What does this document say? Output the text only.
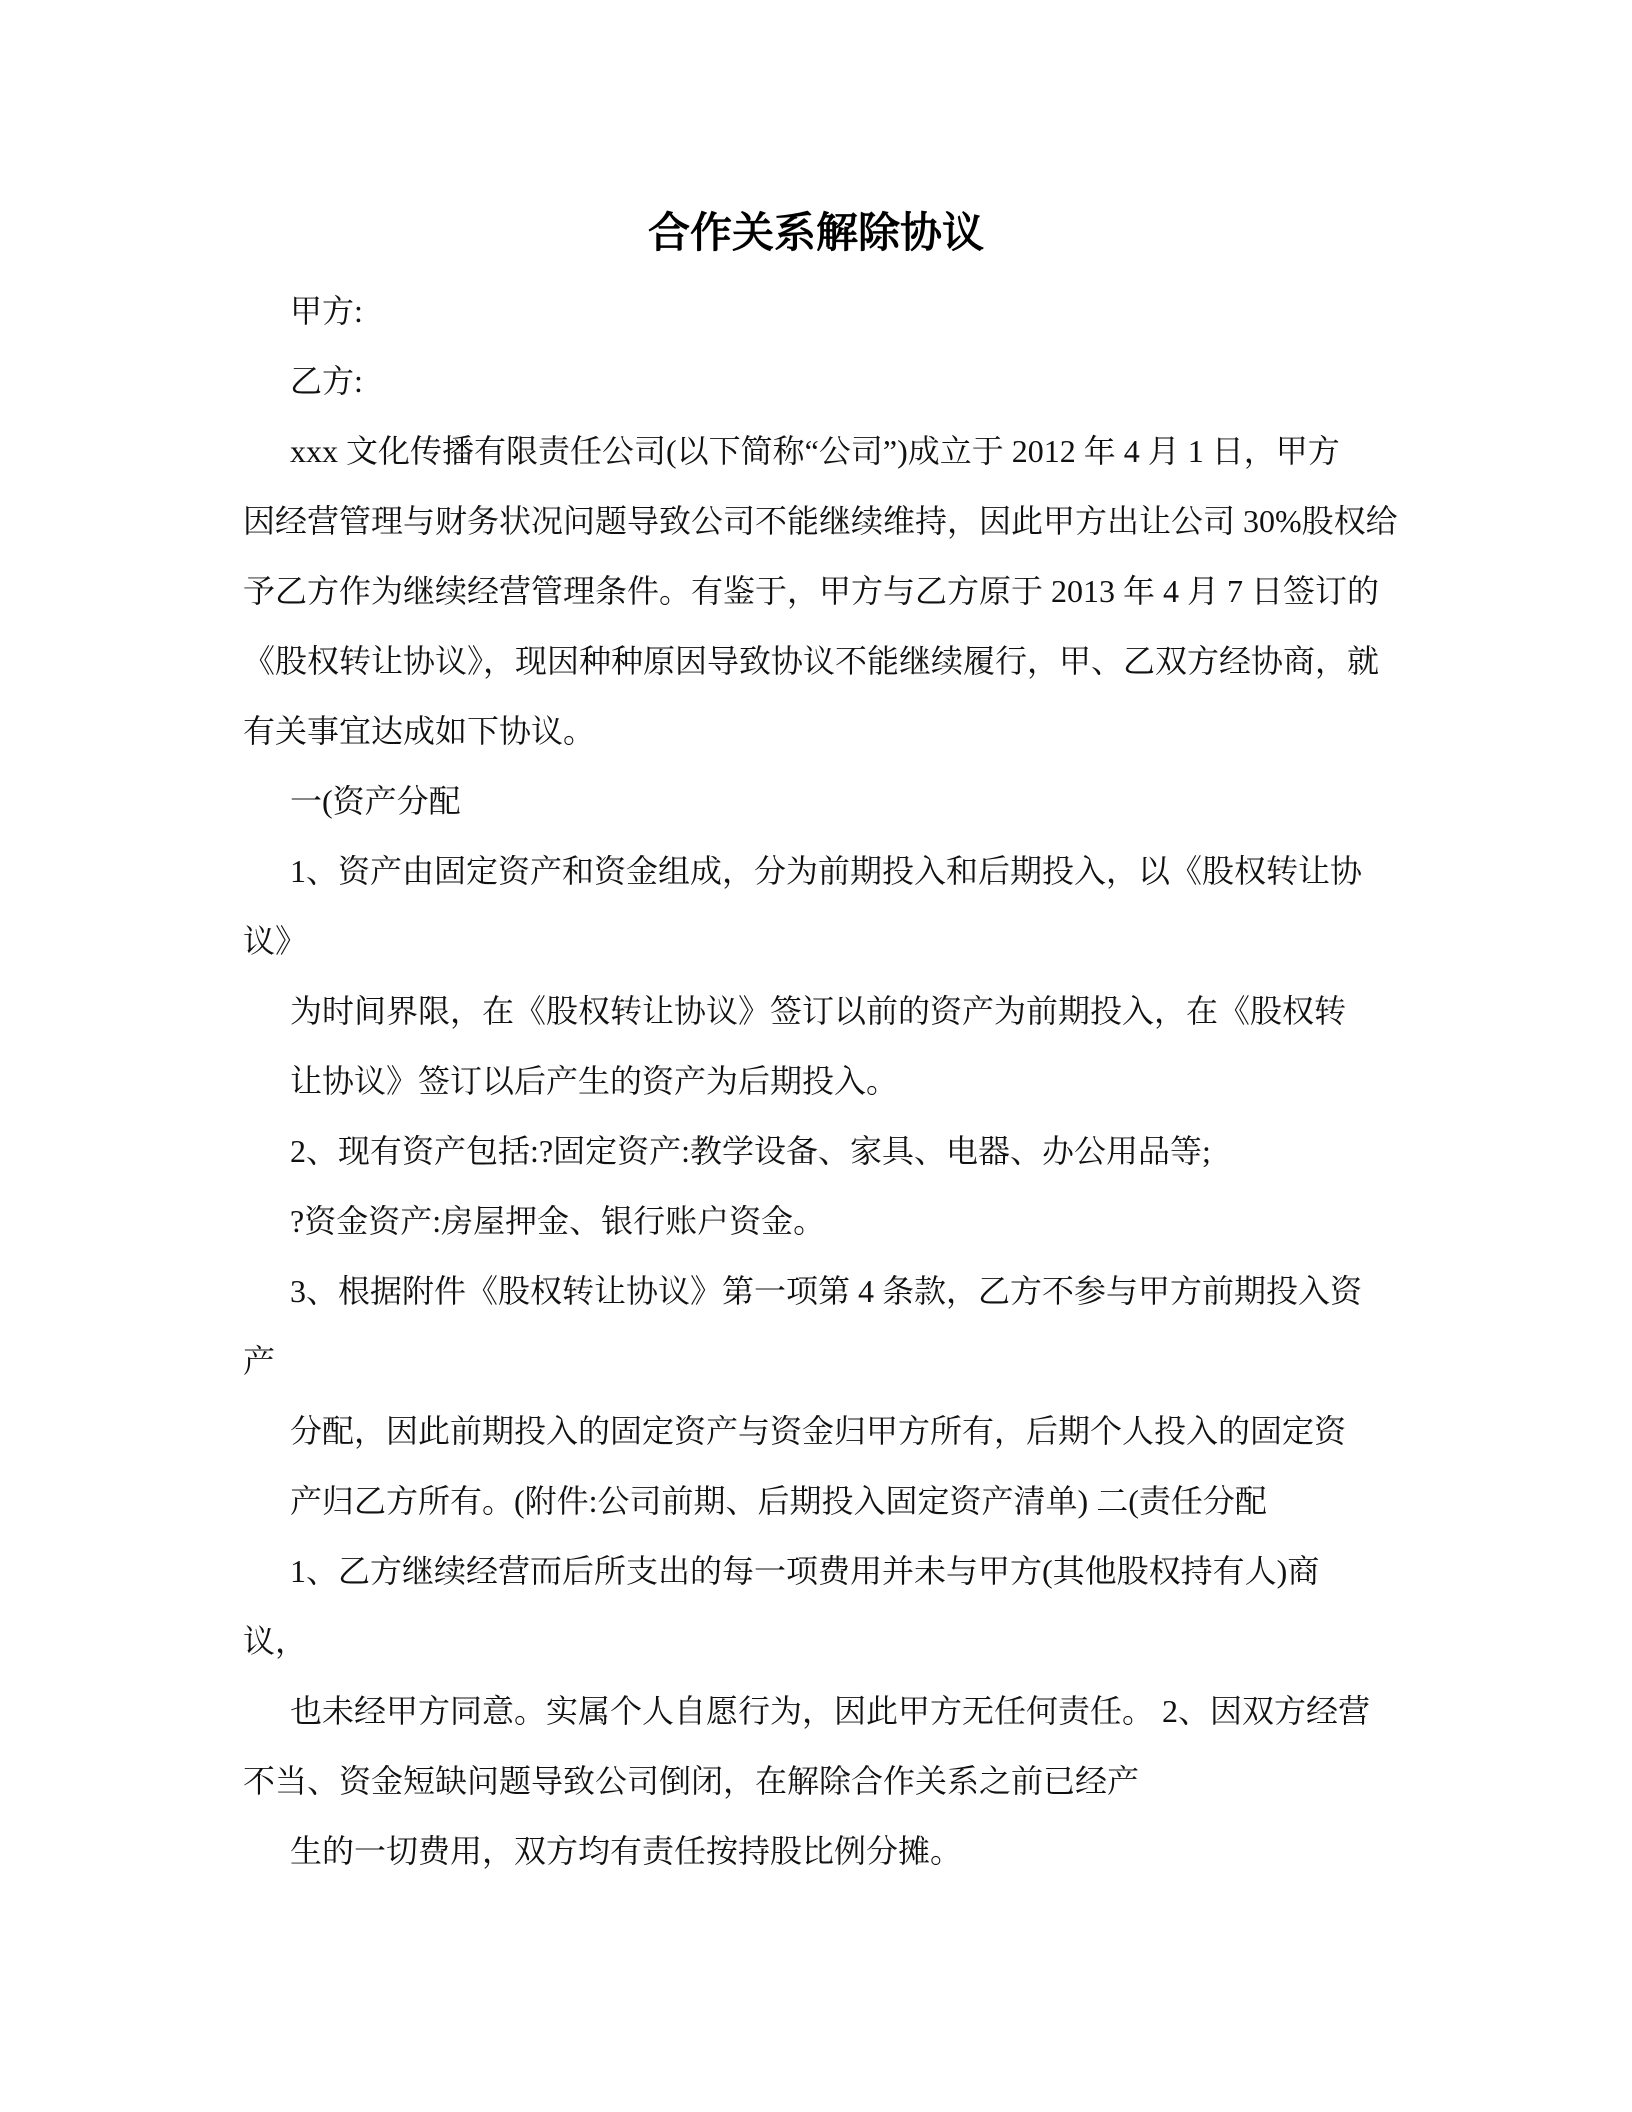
合作关系解除协议
甲方:
乙方:
xxx 文化传播有限责任公司(以下简称“公司”)成立于 2012 年 4 月 1 日，甲方
因经营管理与财务状况问题导致公司不能继续维持，因此甲方出让公司 30%股权给
予乙方作为继续经营管理条件。有鉴于，甲方与乙方原于 2013 年 4 月 7 日签订的
《股权转让协议》，现因种种原因导致协议不能继续履行，甲、乙双方经协商，就
有关事宜达成如下协议。
一(资产分配
1、资产由固定资产和资金组成，分为前期投入和后期投入，以《股权转让协
议》
为时间界限，在《股权转让协议》签订以前的资产为前期投入，在《股权转
让协议》签订以后产生的资产为后期投入。
2、现有资产包括:?固定资产:教学设备、家具、电器、办公用品等;
?资金资产:房屋押金、银行账户资金。
3、根据附件《股权转让协议》第一项第 4 条款，乙方不参与甲方前期投入资
产
分配，因此前期投入的固定资产与资金归甲方所有，后期个人投入的固定资
产归乙方所有。(附件:公司前期、后期投入固定资产清单) 二(责任分配
1、乙方继续经营而后所支出的每一项费用并未与甲方(其他股权持有人)商
议，
也未经甲方同意。实属个人自愿行为，因此甲方无任何责任。 2、因双方经营
不当、资金短缺问题导致公司倒闭，在解除合作关系之前已经产
生的一切费用，双方均有责任按持股比例分摊。
